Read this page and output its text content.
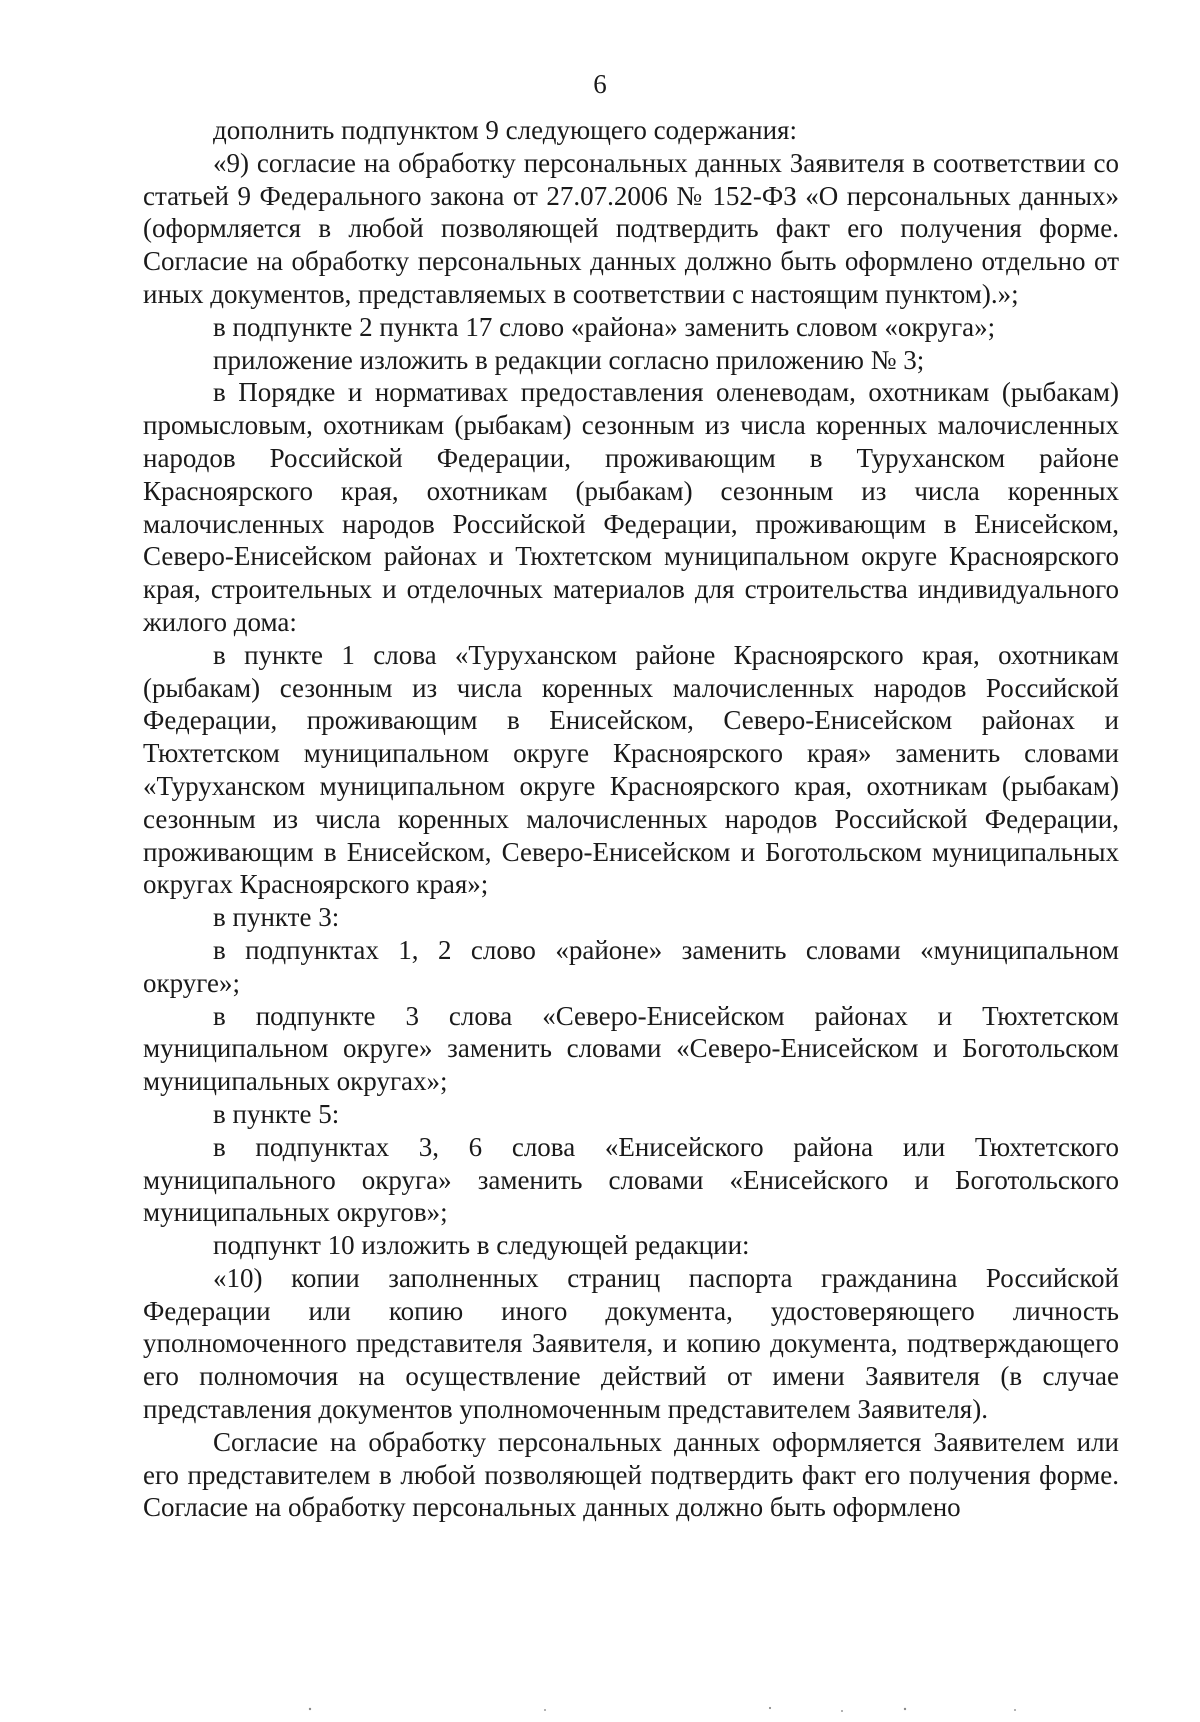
6

дополнить подпунктом 9 следующего содержания:

«9) согласие на обработку персональных данных Заявителя в соответствии со статьей 9 Федерального закона от 27.07.2006 № 152-ФЗ «О персональных данных» (оформляется в любой позволяющей подтвердить факт его получения форме. Согласие на обработку персональных данных должно быть оформлено отдельно от иных документов, представляемых в соответствии с настоящим пунктом).»;

в подпункте 2 пункта 17 слово «района» заменить словом «округа»;

приложение изложить в редакции согласно приложению № 3;

в Порядке и нормативах предоставления оленеводам, охотникам (рыбакам) промысловым, охотникам (рыбакам) сезонным из числа коренных малочисленных народов Российской Федерации, проживающим в Туруханском районе Красноярского края, охотникам (рыбакам) сезонным из числа коренных малочисленных народов Российской Федерации, проживающим в Енисейском, Северо-Енисейском районах и Тюхтетском муниципальном округе Красноярского края, строительных и отделочных материалов для строительства индивидуального жилого дома:

в пункте 1 слова «Туруханском районе Красноярского края, охотникам (рыбакам) сезонным из числа коренных малочисленных народов Российской Федерации, проживающим в Енисейском, Северо-Енисейском районах и Тюхтетском муниципальном округе Красноярского края» заменить словами «Туруханском муниципальном округе Красноярского края, охотникам (рыбакам) сезонным из числа коренных малочисленных народов Российской Федерации, проживающим в Енисейском, Северо-Енисейском и Боготольском муниципальных округах Красноярского края»;

в пункте 3:

в подпунктах 1, 2 слово «районе» заменить словами «муниципальном округе»;

в подпункте 3 слова «Северо-Енисейском районах и Тюхтетском муниципальном округе» заменить словами «Северо-Енисейском и Боготольском муниципальных округах»;

в пункте 5:

в подпунктах 3, 6 слова «Енисейского района или Тюхтетского муниципального округа» заменить словами «Енисейского и Боготольского муниципальных округов»;

подпункт 10 изложить в следующей редакции:

«10) копии заполненных страниц паспорта гражданина Российской Федерации или копию иного документа, удостоверяющего личность уполномоченного представителя Заявителя, и копию документа, подтверждающего его полномочия на осуществление действий от имени Заявителя (в случае представления документов уполномоченным представителем Заявителя).

Согласие на обработку персональных данных оформляется Заявителем или его представителем в любой позволяющей подтвердить факт его получения форме. Согласие на обработку персональных данных должно быть оформлено
